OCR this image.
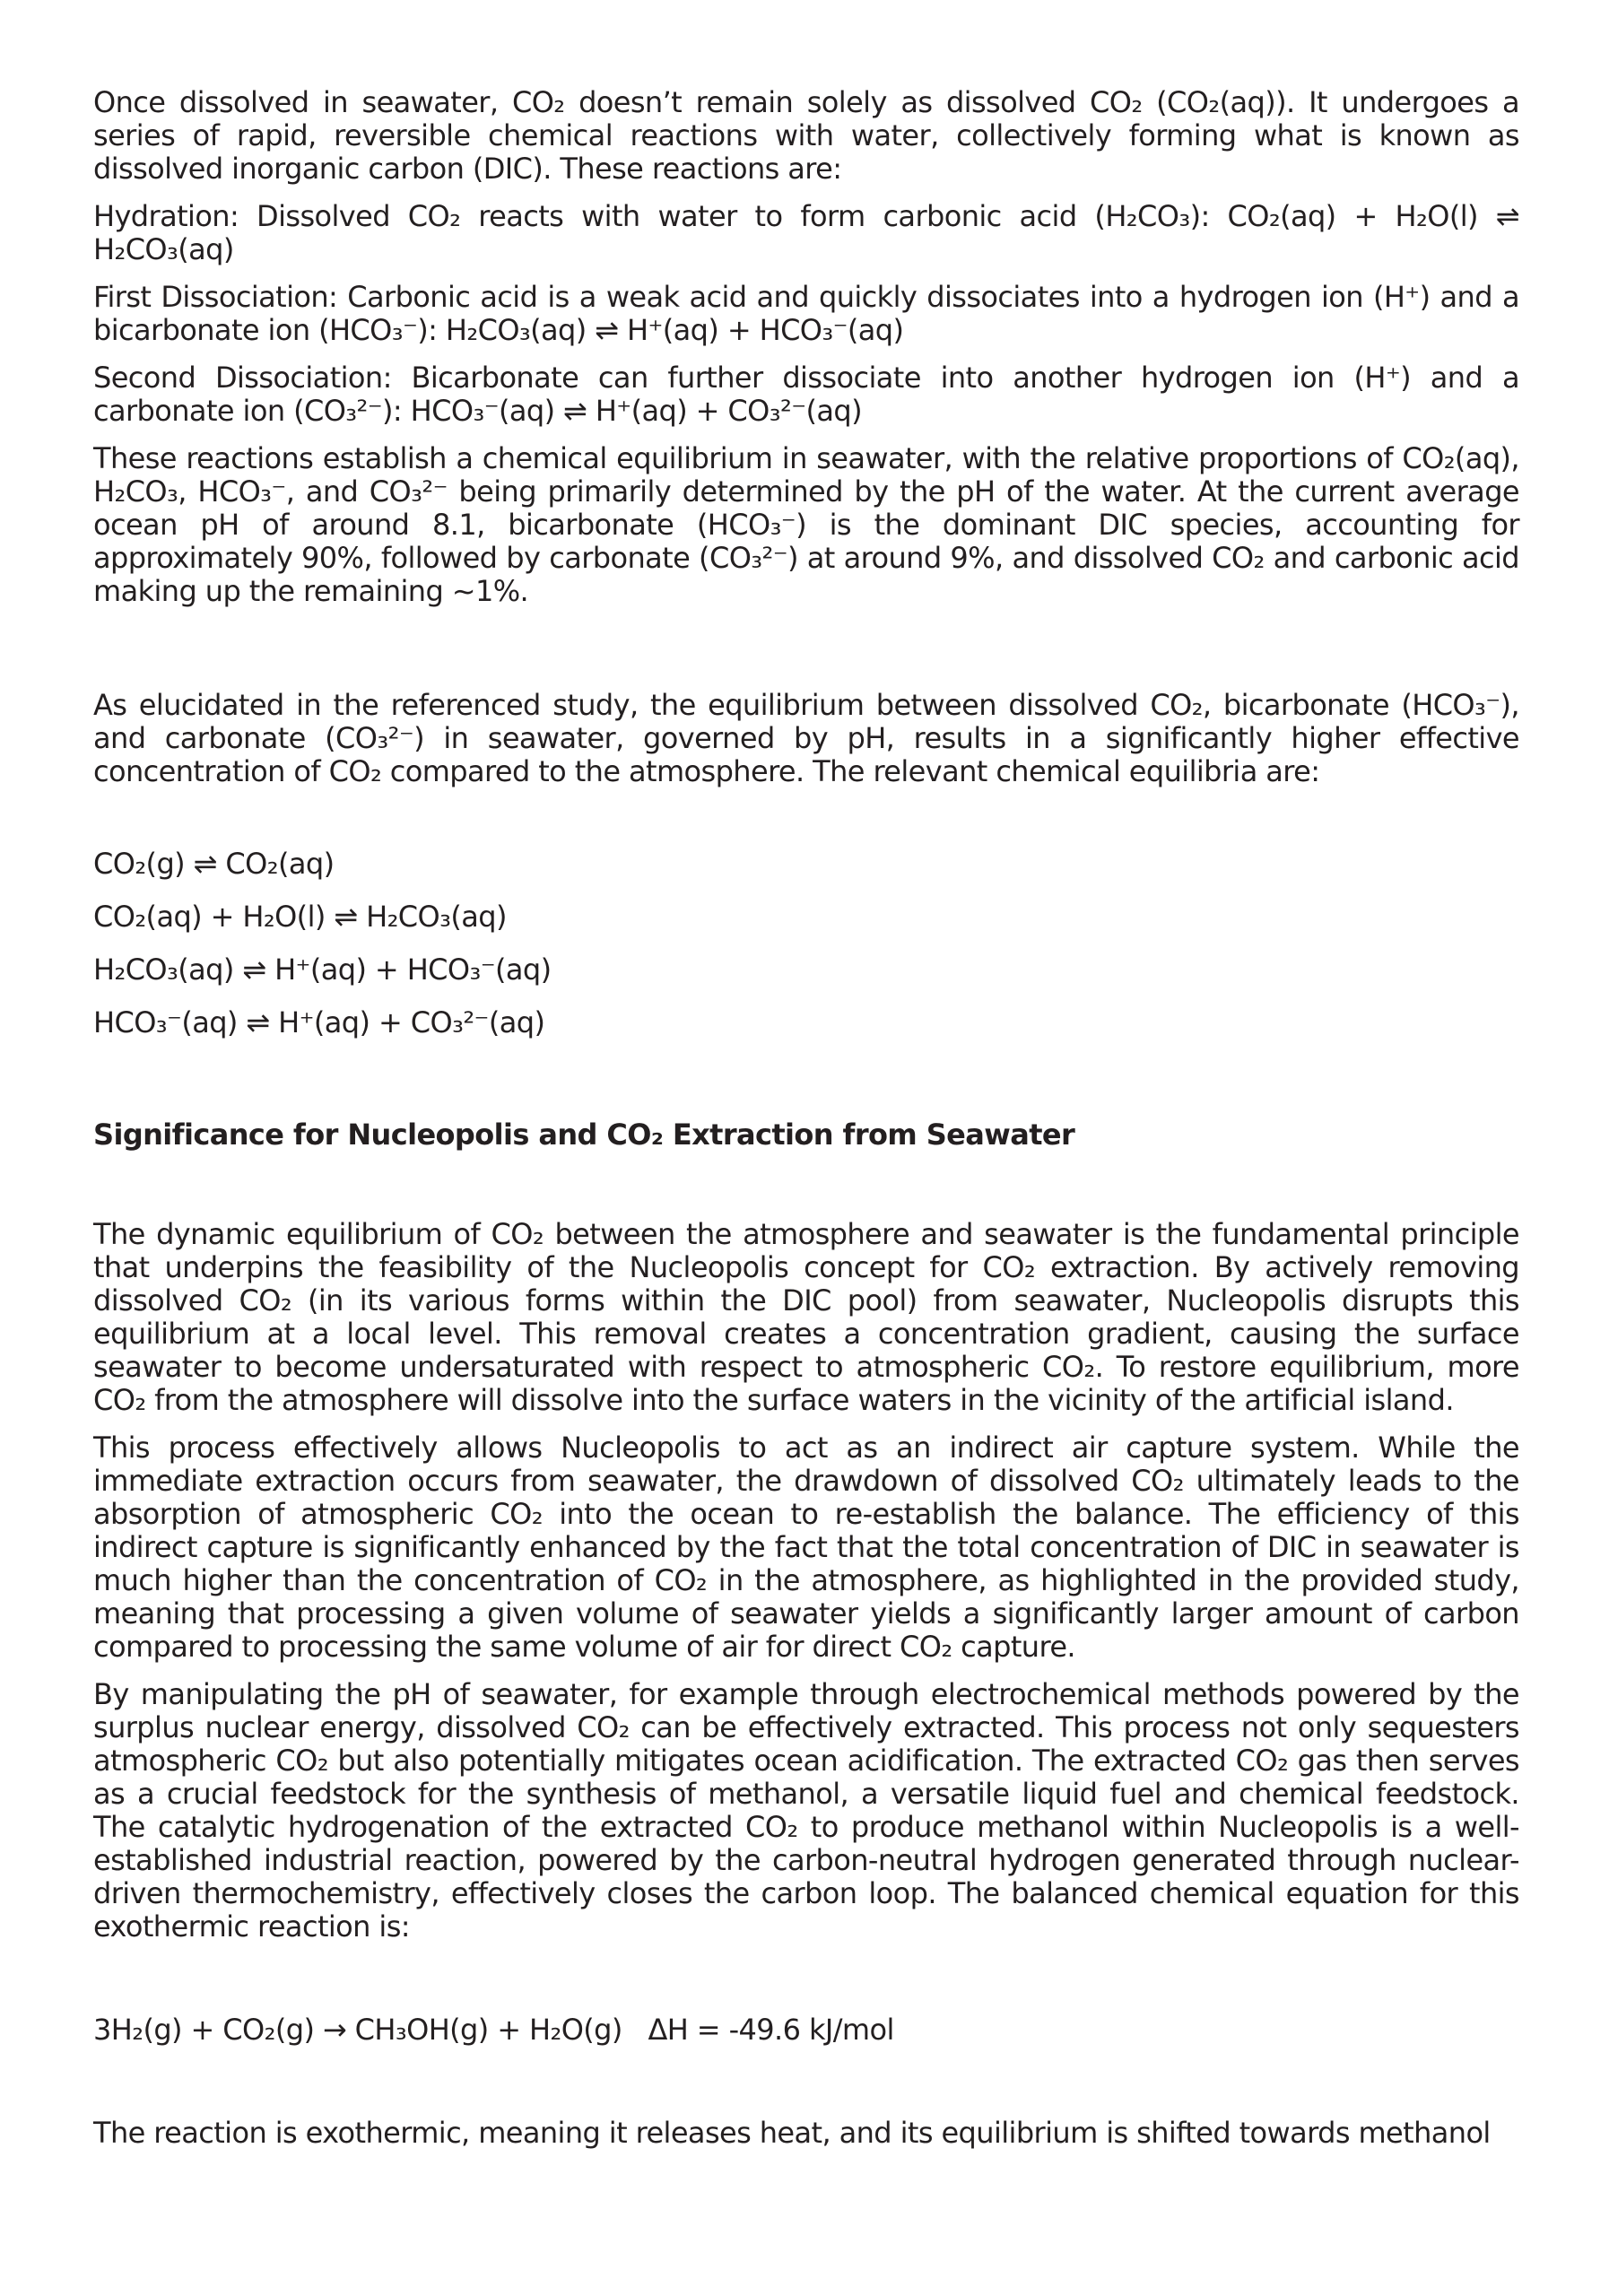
Once dissolved in seawater, CO₂ doesn’t remain solely as dissolved CO₂ (CO₂(aq)). It undergoes a series of rapid, reversible chemical reactions with water, collectively forming what is known as dissolved inorganic carbon (DIC). These reactions are:

Hydration: Dissolved CO₂ reacts with water to form carbonic acid (H₂CO₃): CO₂(aq) + H₂O(l) ⇌ H₂CO₃(aq)

First Dissociation: Carbonic acid is a weak acid and quickly dissociates into a hydrogen ion (H⁺) and a bicarbonate ion (HCO₃⁻): H₂CO₃(aq) ⇌ H⁺(aq) + HCO₃⁻(aq)

Second Dissociation: Bicarbonate can further dissociate into another hydrogen ion (H⁺) and a carbonate ion (CO₃²⁻): HCO₃⁻(aq) ⇌ H⁺(aq) + CO₃²⁻(aq)

These reactions establish a chemical equilibrium in seawater, with the relative proportions of CO₂(aq), H₂CO₃, HCO₃⁻, and CO₃²⁻ being primarily determined by the pH of the water. At the current average ocean pH of around 8.1, bicarbonate (HCO₃⁻) is the dominant DIC species, accounting for approximately 90%, followed by carbonate (CO₃²⁻) at around 9%, and dissolved CO₂ and carbonic acid making up the remaining ~1%.

As elucidated in the referenced study, the equilibrium between dissolved CO₂, bicarbonate (HCO₃⁻), and carbonate (CO₃²⁻) in seawater, governed by pH, results in a significantly higher effective concentration of CO₂ compared to the atmosphere. The relevant chemical equilibria are:

CO₂(g) ⇌ CO₂(aq)

CO₂(aq) + H₂O(l) ⇌ H₂CO₃(aq)

H₂CO₃(aq) ⇌ H⁺(aq) + HCO₃⁻(aq)

HCO₃⁻(aq) ⇌ H⁺(aq) + CO₃²⁻(aq)

Significance for Nucleopolis and CO₂ Extraction from Seawater

The dynamic equilibrium of CO₂ between the atmosphere and seawater is the fundamental principle that underpins the feasibility of the Nucleopolis concept for CO₂ extraction. By actively removing dissolved CO₂ (in its various forms within the DIC pool) from seawater, Nucleopolis disrupts this equilibrium at a local level. This removal creates a concentration gradient, causing the surface seawater to become undersaturated with respect to atmospheric CO₂. To restore equilibrium, more CO₂ from the atmosphere will dissolve into the surface waters in the vicinity of the artificial island.

This process effectively allows Nucleopolis to act as an indirect air capture system. While the immediate extraction occurs from seawater, the drawdown of dissolved CO₂ ultimately leads to the absorption of atmospheric CO₂ into the ocean to re-establish the balance. The efficiency of this indirect capture is significantly enhanced by the fact that the total concentration of DIC in seawater is much higher than the concentration of CO₂ in the atmosphere, as highlighted in the provided study, meaning that processing a given volume of seawater yields a significantly larger amount of carbon compared to processing the same volume of air for direct CO₂ capture.

By manipulating the pH of seawater, for example through electrochemical methods powered by the surplus nuclear energy, dissolved CO₂ can be effectively extracted. This process not only sequesters atmospheric CO₂ but also potentially mitigates ocean acidification. The extracted CO₂ gas then serves as a crucial feedstock for the synthesis of methanol, a versatile liquid fuel and chemical feedstock. The catalytic hydrogenation of the extracted CO₂ to produce methanol within Nucleopolis is a well-established industrial reaction, powered by the carbon-neutral hydrogen generated through nuclear-driven thermochemistry, effectively closes the carbon loop. The balanced chemical equation for this exothermic reaction is:

3H₂(g) + CO₂(g) → CH₃OH(g) + H₂O(g)   ΔH = -49.6 kJ/mol

The reaction is exothermic, meaning it releases heat, and its equilibrium is shifted towards methanol
